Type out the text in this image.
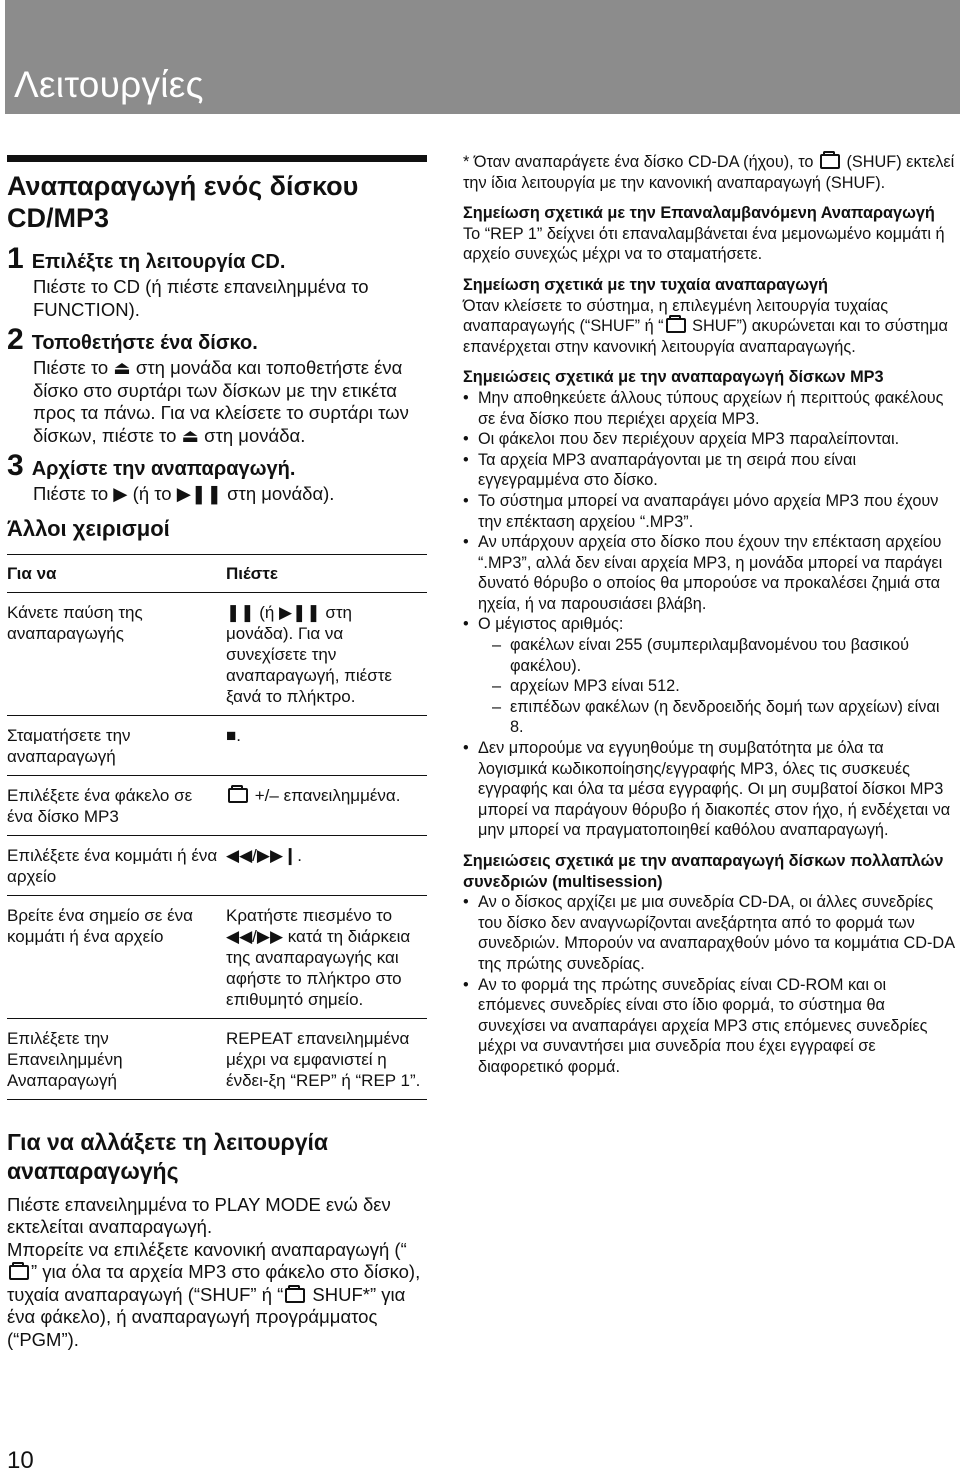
Λειτουργίες
Αναπαραγωγή ενός δίσκου CD/MP3
1 Επιλέξτε τη λειτουργία CD.
Πιέστε το CD (ή πιέστε επανειλημμένα το FUNCTION).
2 Τοποθετήστε ένα δίσκο.
Πιέστε το ⏏ στη μονάδα και τοποθετήστε ένα δίσκο στο συρτάρι των δίσκων με την ετικέτα προς τα πάνω. Για να κλείσετε το συρτάρι των δίσκων, πιέστε το ⏏ στη μονάδα.
3 Αρχίστε την αναπαραγωγή.
Πιέστε το ▶ (ή το ▶❚❚ στη μονάδα).
Άλλοι χειρισμοί
Για να	Πιέστε
Κάνετε παύση της αναπαραγωγής	❚❚ (ή ▶❚❚ στη μονάδα). Για να συνεχίσετε την αναπαραγωγή, πιέστε ξανά το πλήκτρο.
Σταματήσετε την αναπαραγωγή	■.
Επιλέξετε ένα φάκελο σε ένα δίσκο MP3	+/– επανειλημμένα.
Επιλέξετε ένα κομμάτι ή ένα αρχείο	◀◀/▶▶❙.
Βρείτε ένα σημείο σε ένα κομμάτι ή ένα αρχείο	Κρατήστε πιεσμένο το ◀◀/▶▶ κατά τη διάρκεια της αναπαραγωγής και αφήστε το πλήκτρο στο επιθυμητό σημείο.
Επιλέξετε την Επανειλημμένη Αναπαραγωγή	REPEAT επανειλημμένα μέχρι να εμφανιστεί η ένδει-ξη “REP” ή “REP 1”.
Για να αλλάξετε τη λειτουργία αναπαραγωγής
Πιέστε επανειλημμένα το PLAY MODE ενώ δεν εκτελείται αναπαραγωγή.
Μπορείτε να επιλέξετε κανονική αναπαραγωγή (“” για όλα τα αρχεία MP3 στο φάκελο στο δίσκο), τυχαία αναπαραγωγή (“SHUF” ή “ SHUF*” για ένα φάκελο), ή αναπαραγωγή προγράμματος (“PGM”).
10
* Όταν αναπαράγετε ένα δίσκο CD-DA (ήχου), το  (SHUF) εκτελεί την ίδια λειτουργία με την κανονική αναπαραγωγή (SHUF).
Σημείωση σχετικά με την Επαναλαμβανόμενη Αναπαραγωγή
Το “REP 1” δείχνει ότι επαναλαμβάνεται ένα μεμονωμένο κομμάτι ή αρχείο συνεχώς μέχρι να το σταματήσετε.
Σημείωση σχετικά με την τυχαία αναπαραγωγή
Όταν κλείσετε το σύστημα, η επιλεγμένη λειτουργία τυχαίας αναπαραγωγής (“SHUF” ή “ SHUF”) ακυρώνεται και το σύστημα επανέρχεται στην κανονική λειτουργία αναπαραγωγής.
Σημειώσεις σχετικά με την αναπαραγωγή δίσκων MP3
• Μην αποθηκεύετε άλλους τύπους αρχείων ή περιττούς φακέλους σε ένα δίσκο που περιέχει αρχεία MP3.
• Οι φάκελοι που δεν περιέχουν αρχεία MP3 παραλείπονται.
• Τα αρχεία MP3 αναπαράγονται με τη σειρά που είναι εγγεγραμμένα στο δίσκο.
• Το σύστημα μπορεί να αναπαράγει μόνο αρχεία MP3 που έχουν την επέκταση αρχείου “.MP3”.
• Αν υπάρχουν αρχεία στο δίσκο που έχουν την επέκταση αρχείου “.MP3”, αλλά δεν είναι αρχεία MP3, η μονάδα μπορεί να παράγει δυνατό θόρυβο ο οποίος θα μπορούσε να προκαλέσει ζημιά στα ηχεία, ή να παρουσιάσει βλάβη.
• Ο μέγιστος αριθμός:
– φακέλων είναι 255 (συμπεριλαμβανομένου του βασικού φακέλου).
– αρχείων MP3 είναι 512.
– επιπέδων φακέλων (η δενδροειδής δομή των αρχείων) είναι 8.
• Δεν μπορούμε να εγγυηθούμε τη συμβατότητα με όλα τα λογισμικά κωδικοποίησης/εγγραφής MP3, όλες τις συσκευές εγγραφής και όλα τα μέσα εγγραφής. Οι μη συμβατοί δίσκοι MP3 μπορεί να παράγουν θόρυβο ή διακοπές στον ήχο, ή ενδέχεται να μην μπορεί να πραγματοποιηθεί καθόλου αναπαραγωγή.
Σημειώσεις σχετικά με την αναπαραγωγή δίσκων πολλαπλών συνεδριών (multisession)
• Αν ο δίσκος αρχίζει με μια συνεδρία CD-DA, οι άλλες συνεδρίες του δίσκο δεν αναγνωρίζονται ανεξάρτητα από το φορμά των συνεδριών. Μπορούν να αναπαραχθούν μόνο τα κομμάτια CD-DA της πρώτης συνεδρίας.
• Αν το φορμά της πρώτης συνεδρίας είναι CD-ROM και οι επόμενες συνεδρίες είναι στο ίδιο φορμά, το σύστημα θα συνεχίσει να αναπαράγει αρχεία MP3 στις επόμενες συνεδρίες μέχρι να συναντήσει μια συνεδρία που έχει εγγραφεί σε διαφορετικό φορμά.
